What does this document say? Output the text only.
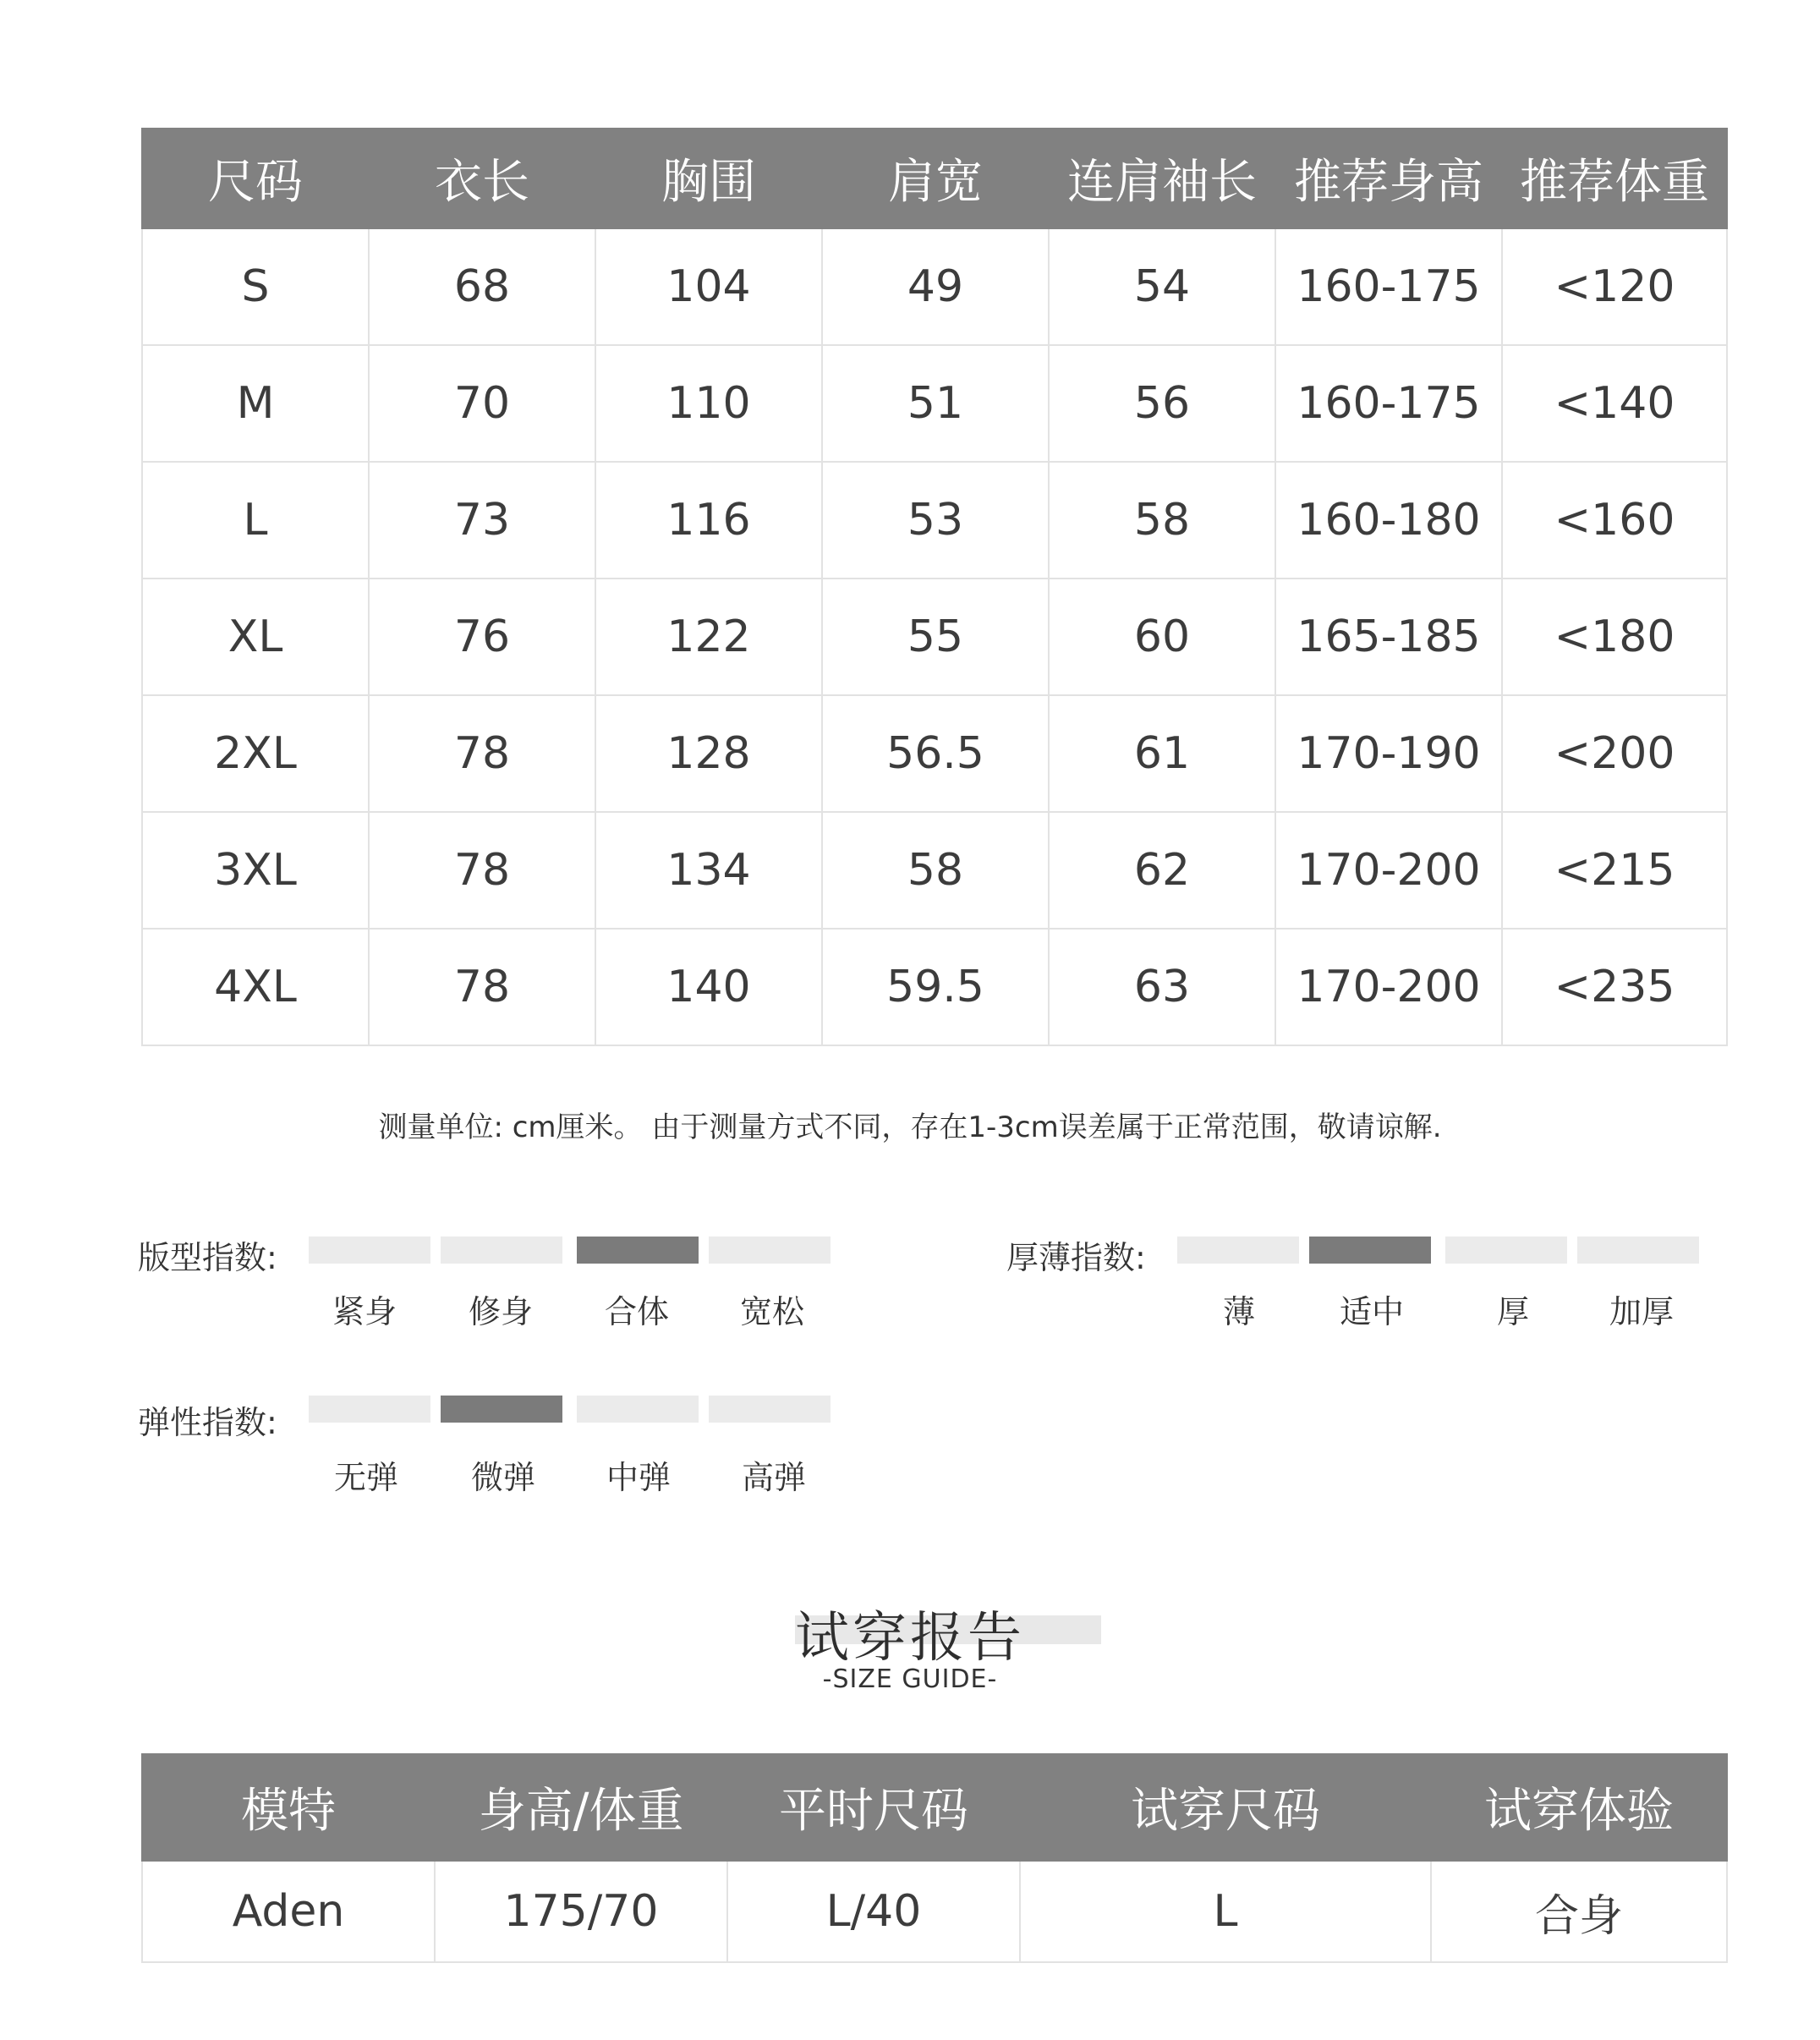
尺码	衣长	胸围	肩宽	连肩袖长	推荐身高	推荐体重
S	68	104	49	54	160-175	<120
M	70	110	51	56	160-175	<140
L	73	116	53	58	160-180	<160
XL	76	122	55	60	165-185	<180
2XL	78	128	56.5	61	170-190	<200
3XL	78	134	58	62	170-200	<215
4XL	78	140	59.5	63	170-200	<235
测量单位: cm厘米。 由于测量方式不同，存在1-3cm误差属于正常范围，敬请谅解.
版型指数:
紧身	修身	合体	宽松
厚薄指数:
薄	适中	厚	加厚
弹性指数:
无弹	微弹	中弹	高弹
试穿报告
-SIZE GUIDE-
模特	身高/体重	平时尺码	试穿尺码	试穿体验
Aden	175/70	L/40	L	合身
